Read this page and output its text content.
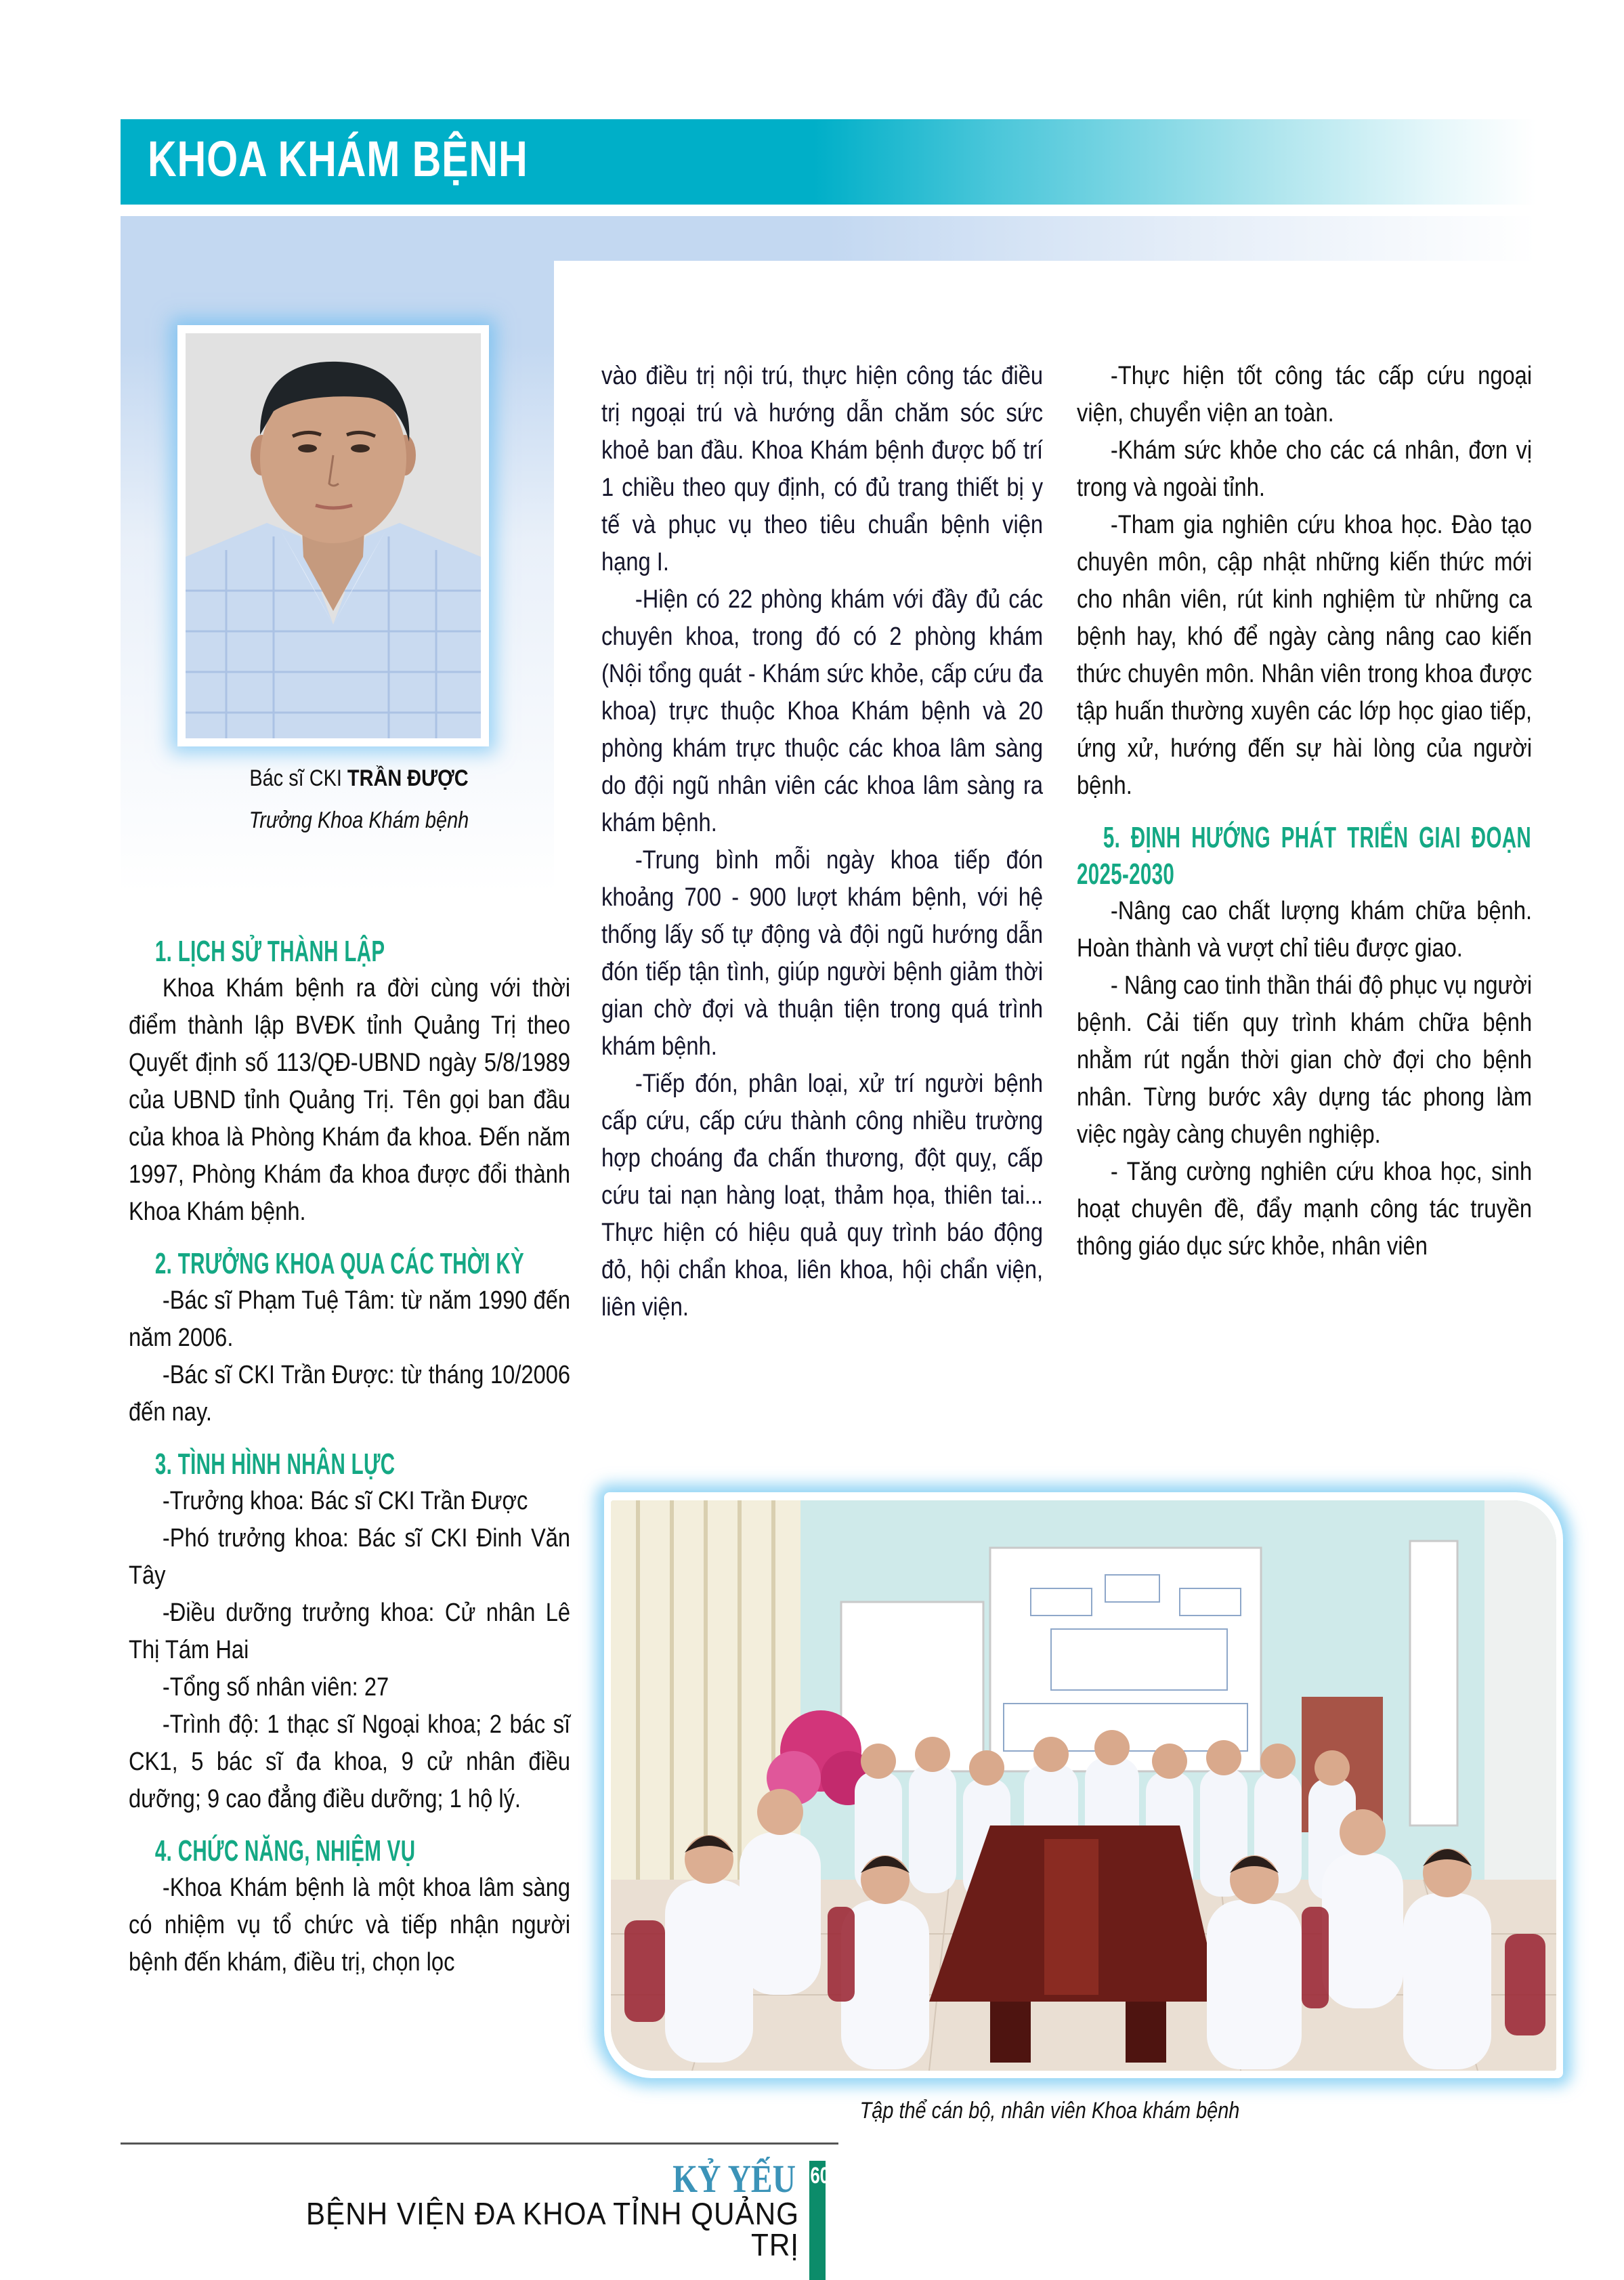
KHOA KHÁM BỆNH
Bác sĩ CKI TRẦN ĐƯỢC
Trưởng Khoa Khám bệnh
1. LỊCH SỬ THÀNH LẬP

Khoa Khám bệnh ra đời cùng với thời điểm thành lập BVĐK tỉnh Quảng Trị theo Quyết định số 113/QĐ-UBND ngày 5/8/1989 của UBND tỉnh Quảng Trị. Tên gọi ban đầu của khoa là Phòng Khám đa khoa. Đến năm 1997, Phòng Khám đa khoa được đổi thành Khoa Khám bệnh.

2. TRƯỞNG KHOA QUA CÁC THỜI KỲ

-Bác sĩ Phạm Tuệ Tâm: từ năm 1990 đến năm 2006.

-Bác sĩ CKI Trần Được: từ tháng 10/2006 đến nay.

3. TÌNH HÌNH NHÂN LỰC

-Trưởng khoa: Bác sĩ CKI Trần Được

-Phó trưởng khoa: Bác sĩ CKI Đinh Văn Tây

-Điều dưỡng trưởng khoa: Cử nhân Lê Thị Tám Hai

-Tổng số nhân viên: 27

-Trình độ: 1 thạc sĩ Ngoại khoa; 2 bác sĩ CK1, 5 bác sĩ đa khoa, 9 cử nhân điều dưỡng; 9 cao đẳng điều dưỡng; 1 hộ lý.

4. CHỨC NĂNG, NHIỆM VỤ

-Khoa Khám bệnh là một khoa lâm sàng có nhiệm vụ tổ chức và tiếp nhận người bệnh đến khám, điều trị, chọn lọc

vào điều trị nội trú, thực hiện công tác điều trị ngoại trú và hướng dẫn chăm sóc sức khoẻ ban đầu. Khoa Khám bệnh được bố trí 1 chiều theo quy định, có đủ trang thiết bị y tế và phục vụ theo tiêu chuẩn bệnh viện hạng I.

-Hiện có 22 phòng khám với đầy đủ các chuyên khoa, trong đó có 2 phòng khám (Nội tổng quát - Khám sức khỏe, cấp cứu đa khoa) trực thuộc Khoa Khám bệnh và 20 phòng khám trực thuộc các khoa lâm sàng do đội ngũ nhân viên các khoa lâm sàng ra khám bệnh.

-Trung bình mỗi ngày khoa tiếp đón khoảng 700 - 900 lượt khám bệnh, với hệ thống lấy số tự động và đội ngũ hướng dẫn đón tiếp tận tình, giúp người bệnh giảm thời gian chờ đợi và thuận tiện trong quá trình khám bệnh.

-Tiếp đón, phân loại, xử trí người bệnh cấp cứu, cấp cứu thành công nhiều trường hợp choáng đa chấn thương, đột quỵ, cấp cứu tai nạn hàng loạt, thảm họa, thiên tai... Thực hiện có hiệu quả quy trình báo động đỏ, hội chẩn khoa, liên khoa, hội chẩn viện, liên viện.

-Thực hiện tốt công tác cấp cứu ngoại viện, chuyển viện an toàn.

-Khám sức khỏe cho các cá nhân, đơn vị trong và ngoài tỉnh.

-Tham gia nghiên cứu khoa học. Đào tạo chuyên môn, cập nhật những kiến thức mới cho nhân viên, rút kinh nghiệm từ những ca bệnh hay, khó để ngày càng nâng cao kiến thức chuyên môn. Nhân viên trong khoa được tập huấn thường xuyên các lớp học giao tiếp, ứng xử, hướng đến sự hài lòng của người bệnh.

5. ĐỊNH HƯỚNG PHÁT TRIỂN GIAI ĐOẠN 2025-2030

-Nâng cao chất lượng khám chữa bệnh. Hoàn thành và vượt chỉ tiêu được giao.

- Nâng cao tinh thần thái độ phục vụ người bệnh. Cải tiến quy trình khám chữa bệnh nhằm rút ngắn thời gian chờ đợi cho bệnh nhân. Từng bước xây dựng tác phong làm việc ngày càng chuyên nghiệp.

- Tăng cường nghiên cứu khoa học, sinh hoạt chuyên đề, đẩy mạnh công tác truyền thông giáo dục sức khỏe, nhân viên

Tập thể cán bộ, nhân viên Khoa khám bệnh
KỶ YẾU
BỆNH VIỆN ĐA KHOA TỈNH QUẢNG TRỊ
60
